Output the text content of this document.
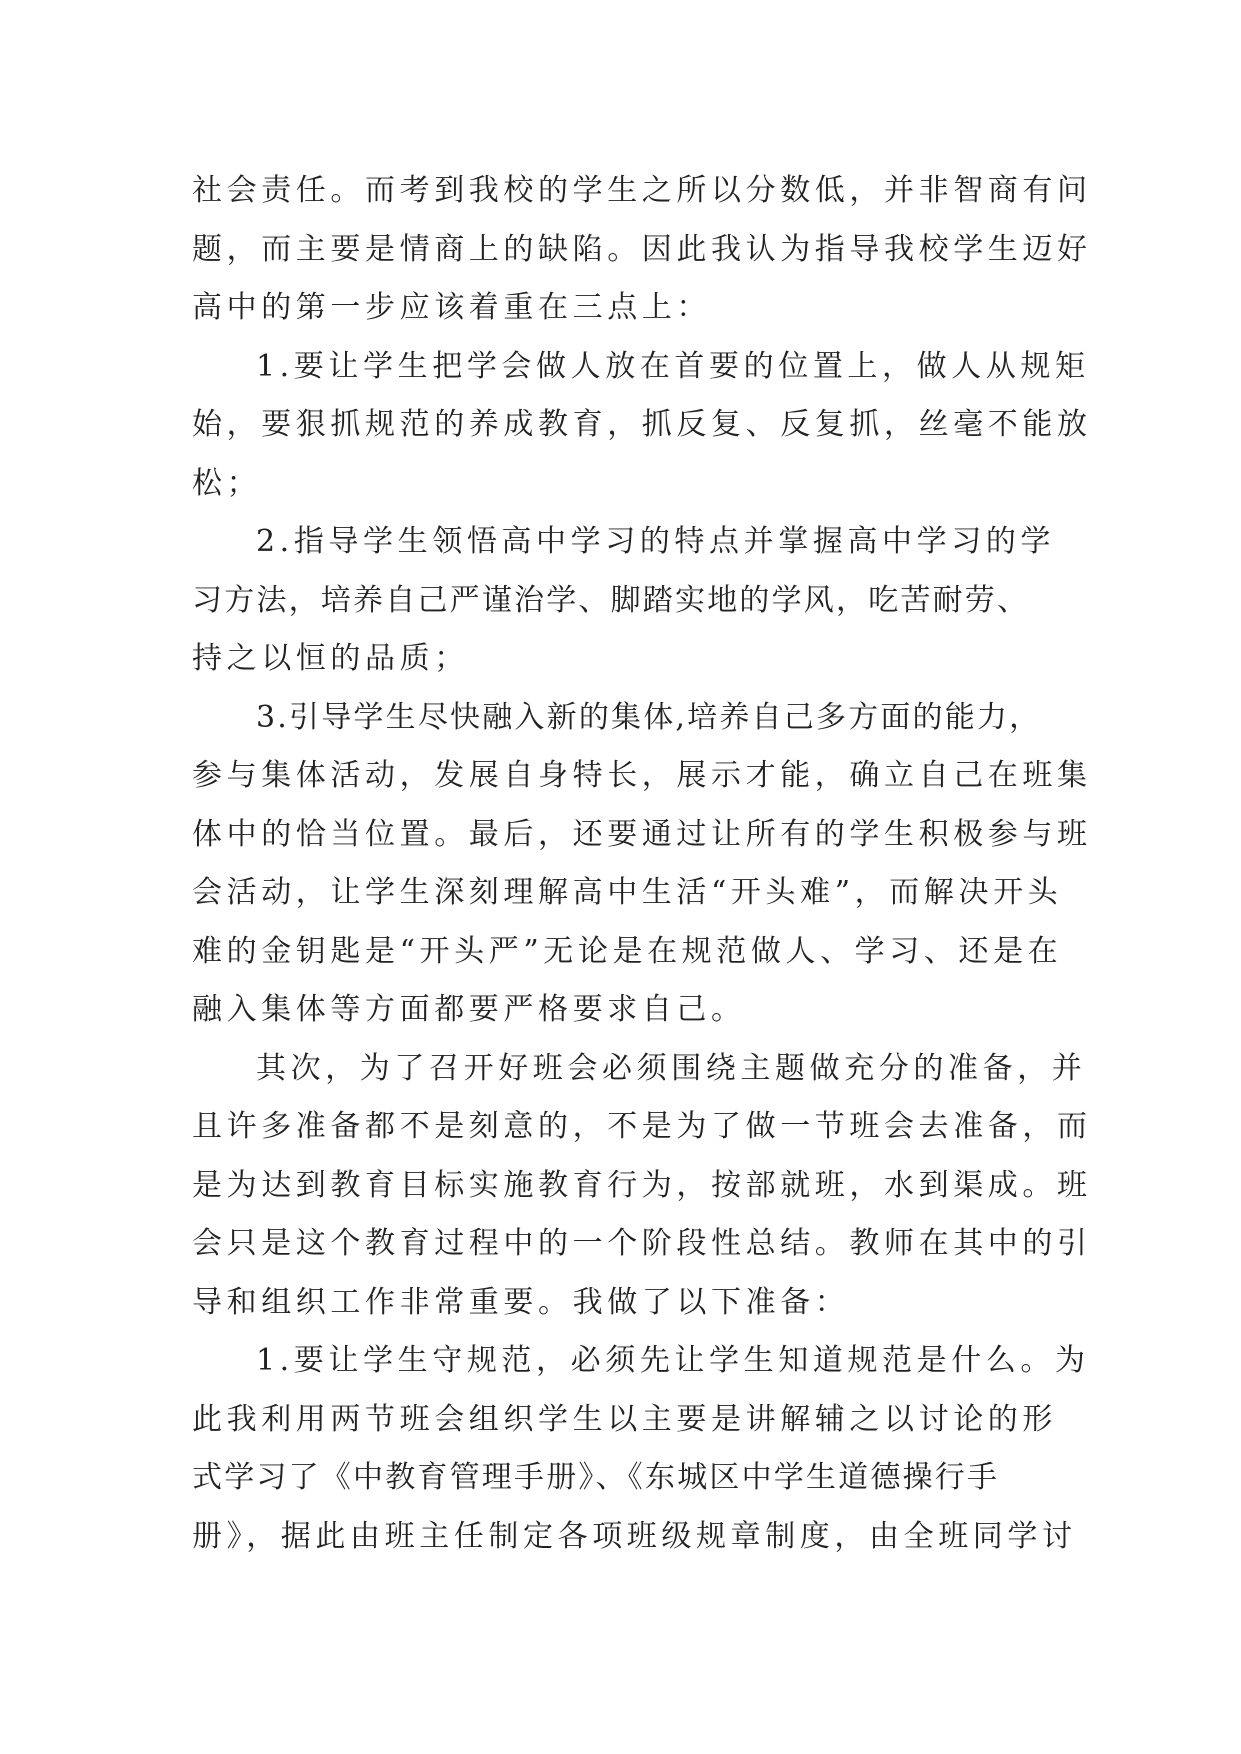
社会责任。而考到我校的学生之所以分数低，并非智商有问
题，而主要是情商上的缺陷。因此我认为指导我校学生迈好
高中的第一步应该着重在三点上：
1.要让学生把学会做人放在首要的位置上，做人从规矩
始，要狠抓规范的养成教育，抓反复、反复抓，丝毫不能放
松；
2.指导学生领悟高中学习的特点并掌握高中学习的学
习方法，培养自己严谨治学、脚踏实地的学风，吃苦耐劳、
持之以恒的品质；
3.引导学生尽快融入新的集体,培养自己多方面的能力，
参与集体活动，发展自身特长，展示才能，确立自己在班集
体中的恰当位置。最后，还要通过让所有的学生积极参与班
会活动，让学生深刻理解高中生活“开头难”，而解决开头
难的金钥匙是“开头严”无论是在规范做人、学习、还是在
融入集体等方面都要严格要求自己。
其次，为了召开好班会必须围绕主题做充分的准备，并
且许多准备都不是刻意的，不是为了做一节班会去准备，而
是为达到教育目标实施教育行为，按部就班，水到渠成。班
会只是这个教育过程中的一个阶段性总结。教师在其中的引
导和组织工作非常重要。我做了以下准备：
1.要让学生守规范，必须先让学生知道规范是什么。为
此我利用两节班会组织学生以主要是讲解辅之以讨论的形
式学习了《中教育管理手册》、《东城区中学生道德操行手
册》，据此由班主任制定各项班级规章制度，由全班同学讨
